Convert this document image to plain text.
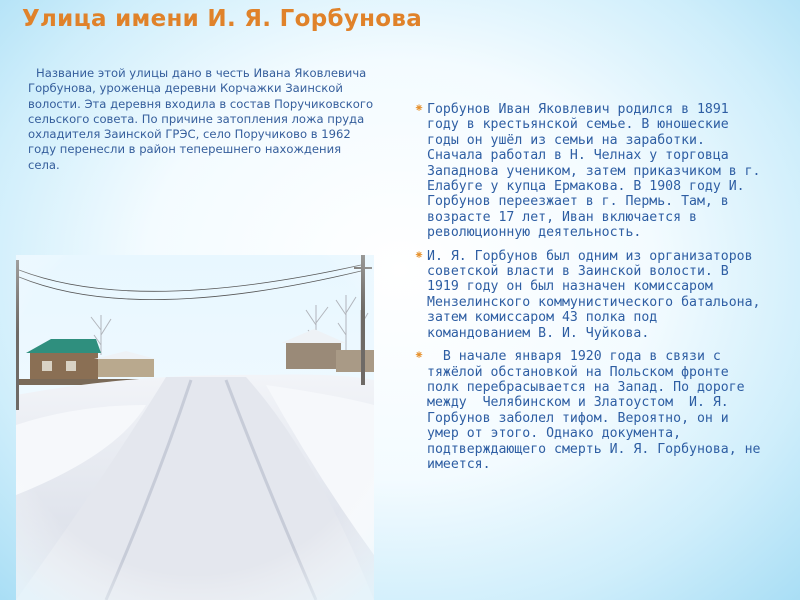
Улица имени И. Я. Горбунова
Название этой улицы дано в честь Ивана Яковлевича Горбунова, уроженца деревни Корчажки Заинской волости. Эта деревня входила в состав Поручиковского сельского совета. По причине затопления ложа пруда охладителя Заинской ГРЭС, село Поручиково в 1962 году перенесли в район теперешнего нахождения села.
⁕ Горбунов Иван Яковлевич родился в 1891 году в крестьянской семье. В юношеские годы он ушёл из семьи на заработки. Сначала работал в Н. Челнах у торговца Западнова учеником, затем приказчиком в г. Елабуге у купца Ермакова. В 1908 году И. Горбунов переезжает в г. Пермь. Там, в возрасте 17 лет, Иван включается в революционную деятельность.
⁕ И. Я. Горбунов был одним из организаторов советской власти в Заинской волости. В 1919 году он был назначен комиссаром Мензелинского коммунистического батальона, затем комиссаром 43 полка под командованием В. И. Чуйкова.
⁕ В начале января 1920 года в связи с тяжёлой обстановкой на Польском фронте полк перебрасывается на Запад. По дороге между  Челябинском и Златоустом  И. Я. Горбунов заболел тифом. Вероятно, он и умер от этого. Однако документа, подтверждающего смерть И. Я. Горбунова, не имеется.
